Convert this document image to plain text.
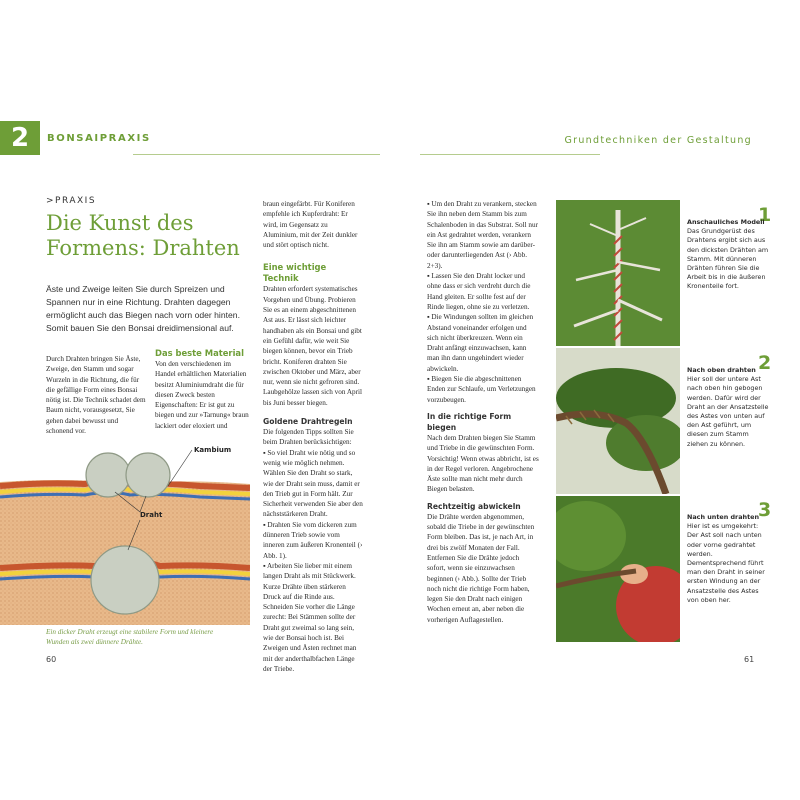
2	BONSAIPRAXIS	Grundtechniken der Gestaltung
>PRAXIS
Die Kunst des Formens: Drahten
Äste und Zweige leiten Sie durch Spreizen und Spannen nur in eine Richtung. Drahten dagegen ermöglicht auch das Biegen nach vorn oder hinten. Somit bauen Sie den Bonsai dreidimensional auf.

Durch Drahten bringen Sie Äste, Zweige, den Stamm und sogar Wurzeln in die Richtung, die für die gefällige Form eines Bonsai nötig ist. Die Technik schadet dem Baum nicht, vorausgesetzt, Sie gehen dabei bewusst und schonend vor.

Das beste Material

Von den verschiedenen im Handel erhältlichen Materialien besitzt Aluminiumdraht die für diesen Zweck besten Eigenschaften: Er ist gut zu biegen und zur »Tarnung« braun lackiert oder eloxiert und

braun eingefärbt. Für Koniferen empfehle ich Kupferdraht: Er wird, im Gegensatz zu Aluminium, mit der Zeit dunkler und stört optisch nicht.

Eine wichtige Technik

Drahten erfordert systematisches Vorgehen und Übung. Probieren Sie es an einem abgeschnittenen Ast aus. Er lässt sich leichter handhaben als ein Bonsai und gibt ein Gefühl dafür, wie weit Sie biegen können, bevor ein Trieb bricht. Koniferen drahten Sie zwischen Oktober und März, aber nur, wenn sie nicht gefroren sind. Laubgehölze lassen sich von April bis Juni besser biegen.

Goldene Drahtregeln

Die folgenden Tipps sollten Sie beim Drahten berücksichtigen:

▪ So viel Draht wie nötig und so wenig wie möglich nehmen. Wählen Sie den Draht so stark, wie der Draht sein muss, damit er den Trieb gut in Form hält. Zur Sicherheit verwenden Sie aber den nächststärkeren Draht.

▪ Drahten Sie vom dickeren zum dünneren Trieb sowie vom inneren zum äußeren Kronenteil (› Abb. 1).

▪ Arbeiten Sie lieber mit einem langen Draht als mit Stückwerk. Kurze Drähte üben stärkeren Druck auf die Rinde aus. Schneiden Sie vorher die Länge zurecht: Bei Stämmen sollte der Draht gut zweimal so lang sein, wie der Bonsai hoch ist. Bei Zweigen und Ästen rechnet man mit der anderthalbfachen Länge der Triebe.

Kambium
Draht
Ein dicker Draht erzeugt eine stabilere Form und kleinere Wunden als zwei dünnere Drähte.
60

▪ Um den Draht zu verankern, stecken Sie ihn neben dem Stamm bis zum Schalenboden in das Substrat. Soll nur ein Ast gedrahtet werden, verankern Sie ihn am Stamm sowie am darüber- oder darunterliegenden Ast (› Abb. 2+3).

▪ Lassen Sie den Draht locker und ohne dass er sich verdreht durch die Hand gleiten. Er sollte fest auf der Rinde liegen, ohne sie zu verletzen.

▪ Die Windungen sollten im gleichen Abstand voneinander erfolgen und sich nicht überkreuzen. Wenn ein Draht anfängt einzuwachsen, kann man ihn dann ungehindert wieder abwickeln.

▪ Biegen Sie die abgeschnittenen Enden zur Schlaufe, um Verletzungen vorzubeugen.

In die richtige Form biegen

Nach dem Drahten biegen Sie Stamm und Triebe in die gewünschten Form. Vorsichtig! Wenn etwas abbricht, ist es in der Regel verloren. Angebrochene Äste sollte man nicht mehr durch Biegen belasten.

Rechtzeitig abwickeln

Die Drähte werden abgenommen, sobald die Triebe in der gewünschten Form bleiben. Das ist, je nach Art, in drei bis zwölf Monaten der Fall. Entfernen Sie die Drähte jedoch sofort, wenn sie einzuwachsen beginnen (› Abb.). Sollte der Trieb noch nicht die richtige Form haben, legen Sie den Draht nach einigen Wochen erneut an, aber neben die vorherigen Auflagestellen.

1
Anschauliches Modell
Das Grundgerüst des Drahtens ergibt sich aus den dicksten Drähten am Stamm. Mit dünneren Drähten führen Sie die Arbeit bis in die äußeren Kronenteile fort.
2
Nach oben drahten
Hier soll der untere Ast nach oben hin gebogen werden. Dafür wird der Draht an der Ansatzstelle des Astes von unten auf den Ast geführt, um diesen zum Stamm ziehen zu können.
3
Nach unten drahten
Hier ist es umgekehrt: Der Ast soll nach unten oder vorne gedrahtet werden. Dementsprechend führt man den Draht in seiner ersten Windung an der Ansatzstelle des Astes von oben her.
61
